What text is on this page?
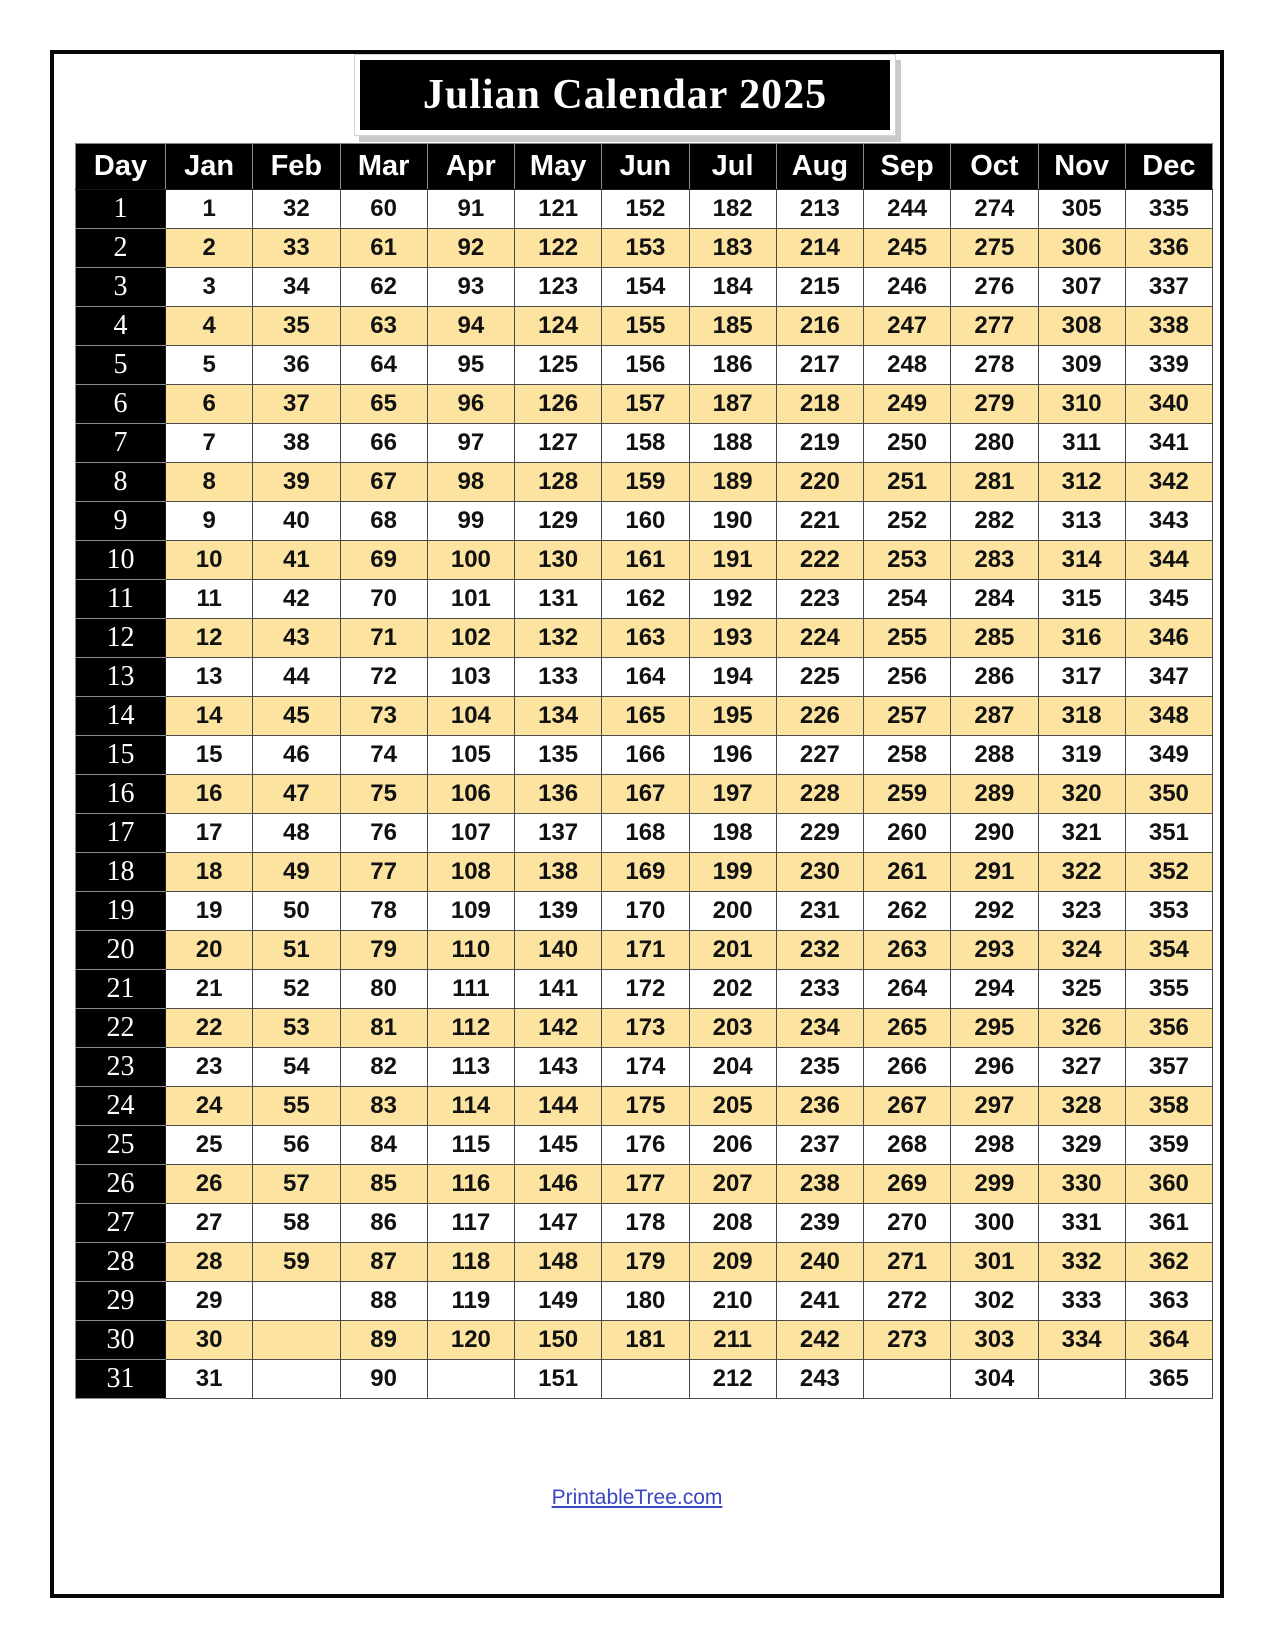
Julian Calendar 2025
Day	Jan	Feb	Mar	Apr	May	Jun	Jul	Aug	Sep	Oct	Nov	Dec
1	1	32	60	91	121	152	182	213	244	274	305	335
2	2	33	61	92	122	153	183	214	245	275	306	336
3	3	34	62	93	123	154	184	215	246	276	307	337
4	4	35	63	94	124	155	185	216	247	277	308	338
5	5	36	64	95	125	156	186	217	248	278	309	339
6	6	37	65	96	126	157	187	218	249	279	310	340
7	7	38	66	97	127	158	188	219	250	280	311	341
8	8	39	67	98	128	159	189	220	251	281	312	342
9	9	40	68	99	129	160	190	221	252	282	313	343
10	10	41	69	100	130	161	191	222	253	283	314	344
11	11	42	70	101	131	162	192	223	254	284	315	345
12	12	43	71	102	132	163	193	224	255	285	316	346
13	13	44	72	103	133	164	194	225	256	286	317	347
14	14	45	73	104	134	165	195	226	257	287	318	348
15	15	46	74	105	135	166	196	227	258	288	319	349
16	16	47	75	106	136	167	197	228	259	289	320	350
17	17	48	76	107	137	168	198	229	260	290	321	351
18	18	49	77	108	138	169	199	230	261	291	322	352
19	19	50	78	109	139	170	200	231	262	292	323	353
20	20	51	79	110	140	171	201	232	263	293	324	354
21	21	52	80	111	141	172	202	233	264	294	325	355
22	22	53	81	112	142	173	203	234	265	295	326	356
23	23	54	82	113	143	174	204	235	266	296	327	357
24	24	55	83	114	144	175	205	236	267	297	328	358
25	25	56	84	115	145	176	206	237	268	298	329	359
26	26	57	85	116	146	177	207	238	269	299	330	360
27	27	58	86	117	147	178	208	239	270	300	331	361
28	28	59	87	118	148	179	209	240	271	301	332	362
29	29		88	119	149	180	210	241	272	302	333	363
30	30		89	120	150	181	211	242	273	303	334	364
31	31		90		151		212	243		304		365
PrintableTree.com
